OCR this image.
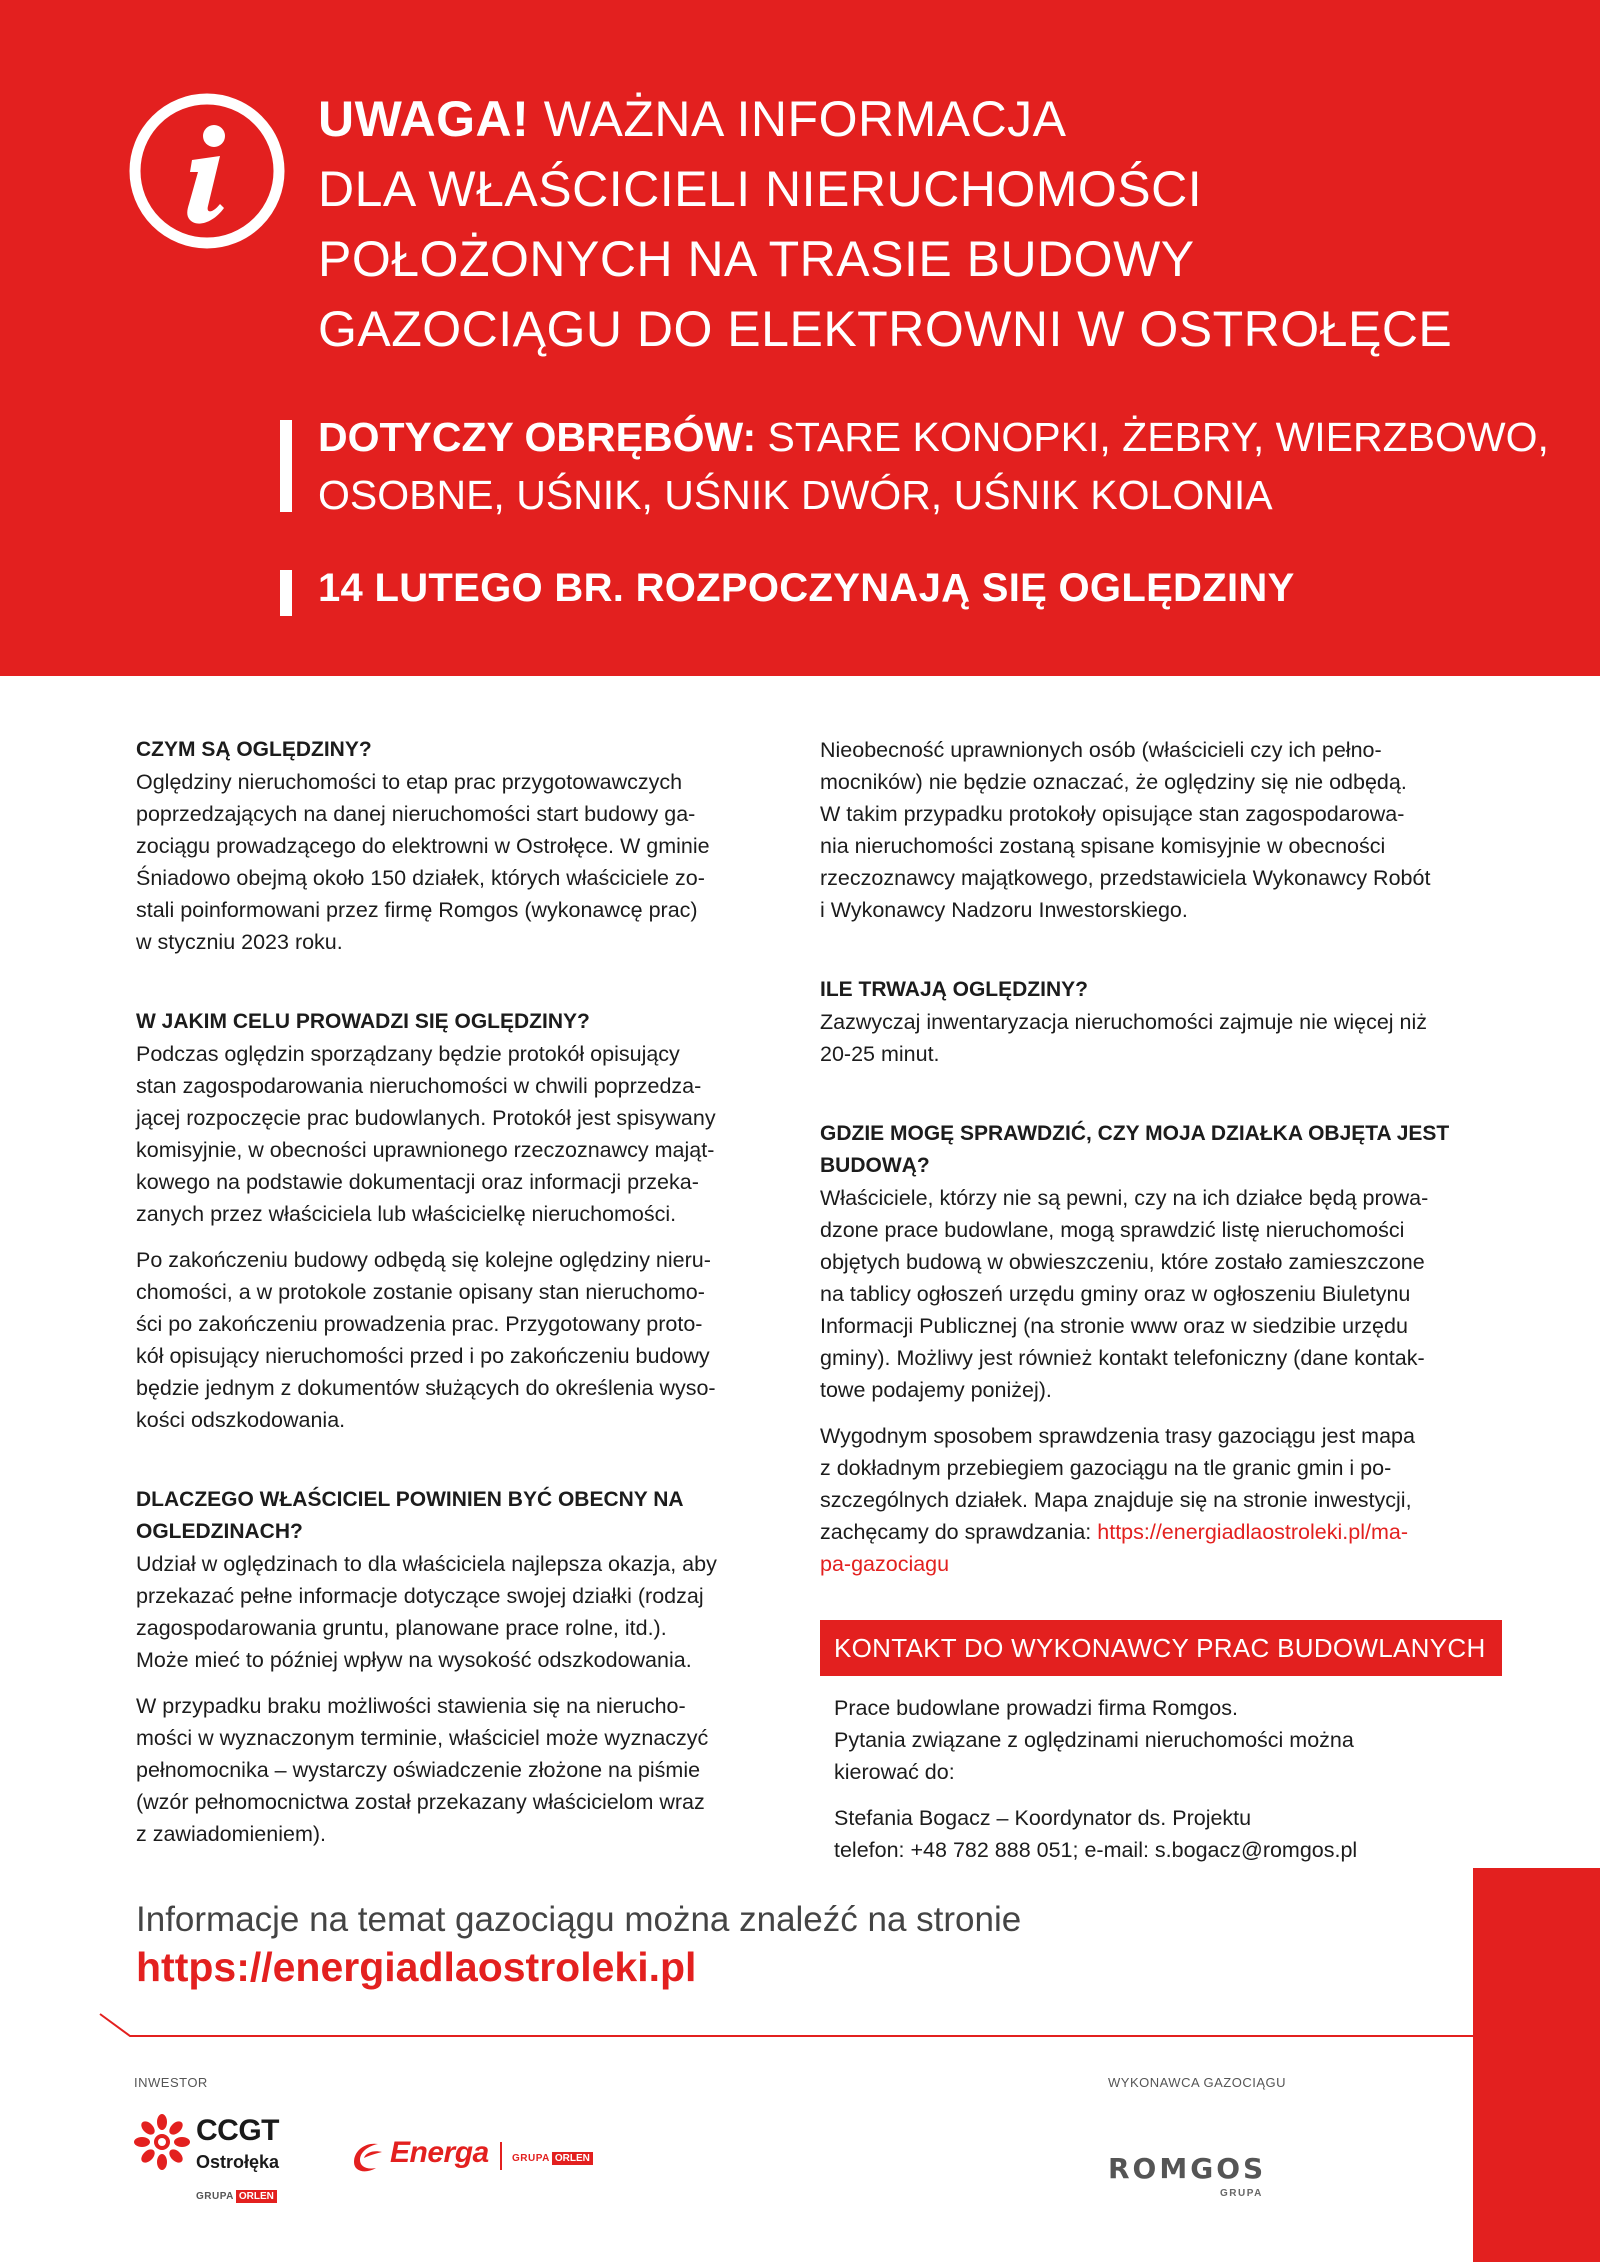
UWAGA! WAŻNA INFORMACJA
DLA WŁAŚCICIELI NIERUCHOMOŚCI
POŁOŻONYCH NA TRASIE BUDOWY
GAZOCIĄGU DO ELEKTROWNI W OSTROŁĘCE
DOTYCZY OBRĘBÓW: STARE KONOPKI, ŻEBRY, WIERZBOWO,
OSOBNE, UŚNIK, UŚNIK DWÓR, UŚNIK KOLONIA
14 LUTEGO BR. ROZPOCZYNAJĄ SIĘ OGLĘDZINY
CZYM SĄ OGLĘDZINY?
Oględziny nieruchomości to etap prac przygotowawczych
poprzedzających na danej nieruchomości start budowy ga-
zociągu prowadzącego do elektrowni w Ostrołęce. W gminie
Śniadowo obejmą około 150 działek, których właściciele zo-
stali poinformowani przez firmę Romgos (wykonawcę prac)
w styczniu 2023 roku.
W JAKIM CELU PROWADZI SIĘ OGLĘDZINY?
Podczas oględzin sporządzany będzie protokół opisujący
stan zagospodarowania nieruchomości w chwili poprzedza-
jącej rozpoczęcie prac budowlanych. Protokół jest spisywany
komisyjnie, w obecności uprawnionego rzeczoznawcy mająt-
kowego na podstawie dokumentacji oraz informacji przeka-
zanych przez właściciela lub właścicielkę nieruchomości.
Po zakończeniu budowy odbędą się kolejne oględziny nieru-
chomości, a w protokole zostanie opisany stan nieruchomo-
ści po zakończeniu prowadzenia prac. Przygotowany proto-
kół opisujący nieruchomości przed i po zakończeniu budowy
będzie jednym z dokumentów służących do określenia wyso-
kości odszkodowania.
DLACZEGO WŁAŚCICIEL POWINIEN BYĆ OBECNY NA
OGLEDZINACH?
Udział w oględzinach to dla właściciela najlepsza okazja, aby
przekazać pełne informacje dotyczące swojej działki (rodzaj
zagospodarowania gruntu, planowane prace rolne, itd.).
Może mieć to później wpływ na wysokość odszkodowania.
W przypadku braku możliwości stawienia się na nierucho-
mości w wyznaczonym terminie, właściciel może wyznaczyć
pełnomocnika – wystarczy oświadczenie złożone na piśmie
(wzór pełnomocnictwa został przekazany właścicielom wraz
z zawiadomieniem).
Nieobecność uprawnionych osób (właścicieli czy ich pełno-
mocników) nie będzie oznaczać, że oględziny się nie odbędą.
W takim przypadku protokoły opisujące stan zagospodarowa-
nia nieruchomości zostaną spisane komisyjnie w obecności
rzeczoznawcy majątkowego, przedstawiciela Wykonawcy Robót
i Wykonawcy Nadzoru Inwestorskiego.
ILE TRWAJĄ OGLĘDZINY?
Zazwyczaj inwentaryzacja nieruchomości zajmuje nie więcej niż
20-25 minut.
GDZIE MOGĘ SPRAWDZIĆ, CZY MOJA DZIAŁKA OBJĘTA JEST
BUDOWĄ?
Właściciele, którzy nie są pewni, czy na ich działce będą prowa-
dzone prace budowlane, mogą sprawdzić listę nieruchomości
objętych budową w obwieszczeniu, które zostało zamieszczone
na tablicy ogłoszeń urzędu gminy oraz w ogłoszeniu Biuletynu
Informacji Publicznej (na stronie www oraz w siedzibie urzędu
gminy). Możliwy jest również kontakt telefoniczny (dane kontak-
towe podajemy poniżej).
Wygodnym sposobem sprawdzenia trasy gazociągu jest mapa
z dokładnym przebiegiem gazociągu na tle granic gmin i po-
szczególnych działek. Mapa znajduje się na stronie inwestycji,
zachęcamy do sprawdzania: https://energiadlaostroleki.pl/ma-
pa-gazociagu
KONTAKT DO WYKONAWCY PRAC BUDOWLANYCH
Prace budowlane prowadzi firma Romgos.
Pytania związane z oględzinami nieruchomości można
kierować do:
Stefania Bogacz – Koordynator ds. Projektu
telefon: +48 782 888 051; e-mail: s.bogacz@romgos.pl
Informacje na temat gazociągu można znaleźć na stronie
https://energiadlaostroleki.pl
INWESTOR	WYKONAWCA GAZOCIĄGU
CCGT
Ostrołęka
GRUPA ORLEN
Energa GRUPA ORLEN	ROMGOS
GRUPA
